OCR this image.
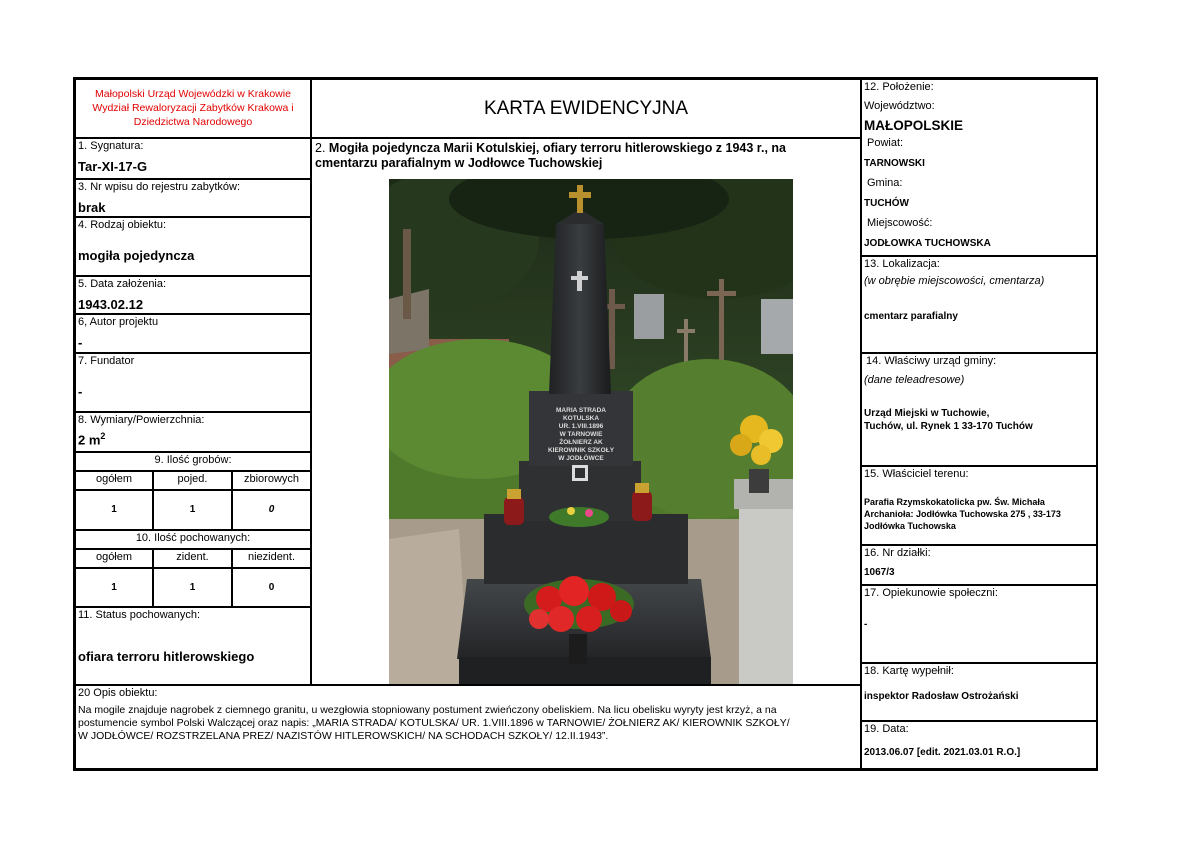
Małopolski Urząd Wojewódzki w Krakowie
Wydział Rewaloryzacji Zabytków Krakowa i
Dziedzictwa Narodowego
1. Sygnatura:
Tar-XI-17-G
3. Nr wpisu do rejestru zabytków:
brak
4. Rodzaj obiektu:
mogiła pojedyncza
5. Data założenia:
1943.02.12
6, Autor projektu
-
7. Fundator
-
8. Wymiary/Powierzchnia:
2 $m^2$
9. Ilość grobów:
ogółem	pojed.	zbiorowych
1	1	0
10. Ilość pochowanych:
ogółem	zident.	niezident.
1	1	0
11. Status pochowanych:
ofiara terroru hitlerowskiego
KARTA EWIDENCYJNA
2. Mogiła pojedyncza Marii Kotulskiej, ofiary terroru hitlerowskiego z 1943 r., na
cmentarzu parafialnym w Jodłowce Tuchowskiej
MARIA STRADA
KOTULSKA
UR. 1.VIII.1896
W TARNOWIE
ŻOŁNIERZ AK
KIEROWNIK SZKOŁY
W JODŁÓWCE
12. Położenie:
Województwo:
MAŁOPOLSKIE
Powiat:
TARNOWSKI
Gmina:
TUCHÓW
Miejscowość:
JODŁOWKA TUCHOWSKA
13. Lokalizacja:
(w obrębie miejscowości, cmentarza)
cmentarz parafialny
14. Właściwy urząd gminy:
(dane teleadresowe)
Urząd Miejski w Tuchowie,
Tuchów, ul. Rynek 1 33-170 Tuchów
15. Właściciel terenu:
Parafia Rzymskokatolicka pw. Św. Michała
Archanioła: Jodłówka Tuchowska 275 , 33-173
Jodłówka Tuchowska
16. Nr działki:
1067/3
17. Opiekunowie społeczni:
-
18. Kartę wypełnił:
inspektor Radosław Ostrożański
19. Data:
2013.06.07 [edit. 2021.03.01 R.O.]
20 Opis obiektu:
Na mogile znajduje nagrobek z ciemnego granitu, u wezgłowia stopniowany postument zwieńczony obeliskiem. Na licu obelisku wyryty jest krzyż, a na
postumencie symbol Polski Walczącej oraz napis: „MARIA STRADA/ KOTULSKA/ UR. 1.VIII.1896 w TARNOWIE/ ŻOŁNIERZ AK/ KIEROWNIK SZKOŁY/
W JODŁÓWCE/ ROZSTRZELANA PREZ/ NAZISTÓW HITLEROWSKICH/ NA SCHODACH SZKOŁY/ 12.II.1943”.
